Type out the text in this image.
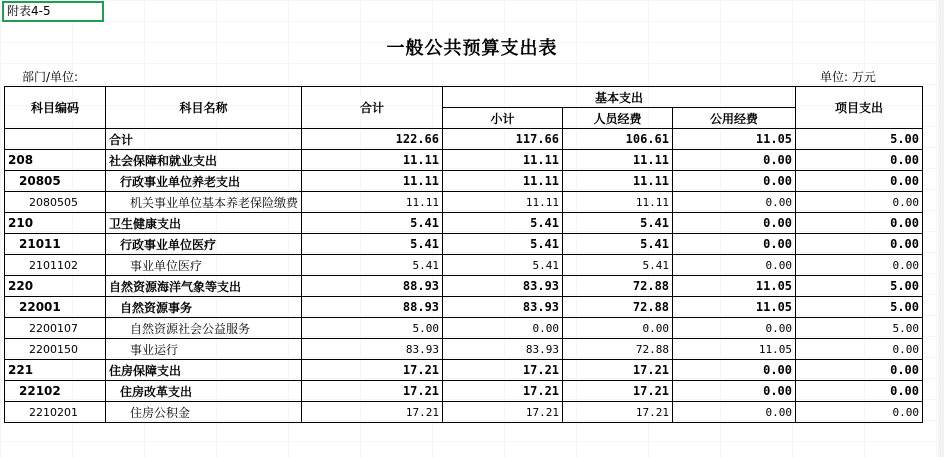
附表4-5
一般公共预算支出表
部门/单位:	单位: 万元
科目编码	科目名称	合计	基本支出			项目支出
			小计	人员经费	公用经费	
	合计	122.66	117.66	106.61	11.05	5.00
208	社会保障和就业支出	11.11	11.11	11.11	0.00	0.00
20805	行政事业单位养老支出	11.11	11.11	11.11	0.00	0.00
2080505	机关事业单位基本养老保险缴费	11.11	11.11	11.11	0.00	0.00
210	卫生健康支出	5.41	5.41	5.41	0.00	0.00
21011	行政事业单位医疗	5.41	5.41	5.41	0.00	0.00
2101102	事业单位医疗	5.41	5.41	5.41	0.00	0.00
220	自然资源海洋气象等支出	88.93	83.93	72.88	11.05	5.00
22001	自然资源事务	88.93	83.93	72.88	11.05	5.00
2200107	自然资源社会公益服务	5.00	0.00	0.00	0.00	5.00
2200150	事业运行	83.93	83.93	72.88	11.05	0.00
221	住房保障支出	17.21	17.21	17.21	0.00	0.00
22102	住房改革支出	17.21	17.21	17.21	0.00	0.00
2210201	住房公积金	17.21	17.21	17.21	0.00	0.00
